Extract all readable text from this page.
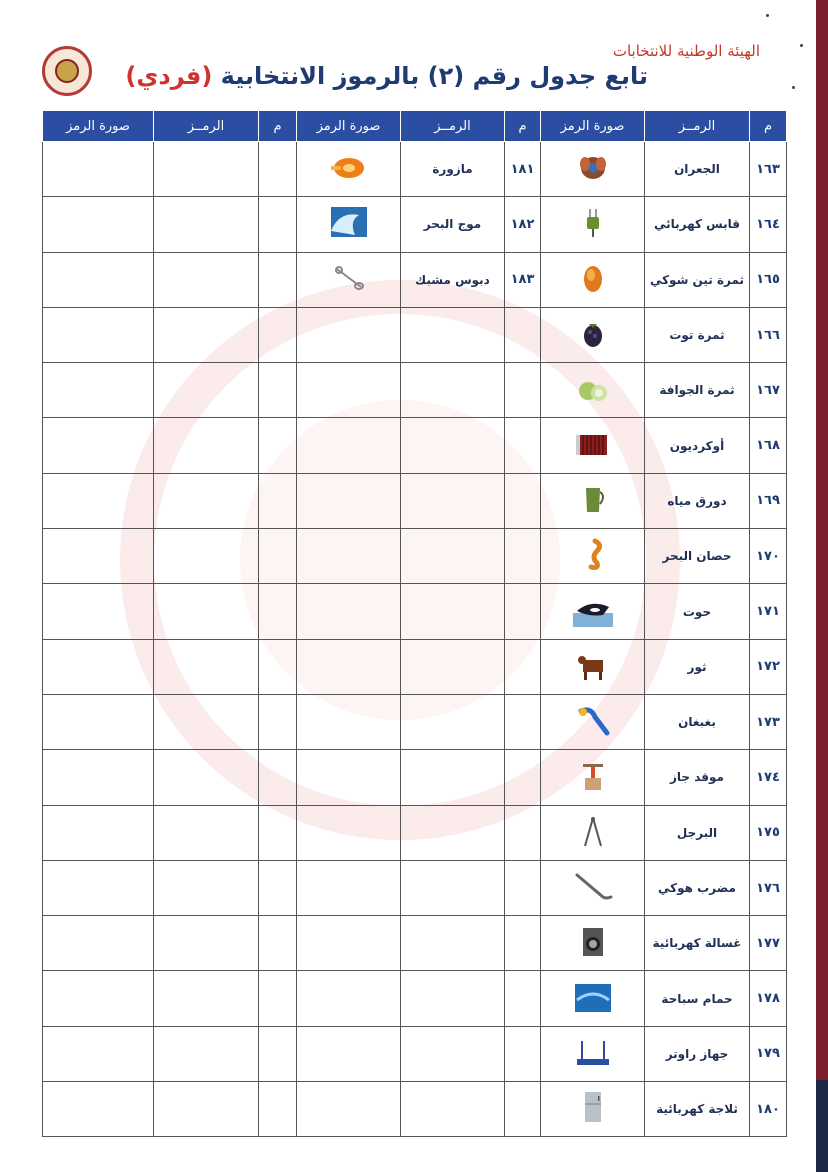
الهيئة الوطنية للانتخابات
تابع جدول رقم (٢) بالرموز الانتخابية (فردي)
م	الرمــز	صورة الرمز	م	الرمــز	صورة الرمز	م	الرمــز	صورة الرمز
١٦٣	الجعران		١٨١	مازورة	

١٦٤	قابس كهربائي		١٨٢	موج البحر	

١٦٥	ثمرة تين شوكي		١٨٣	دبوس مشبك	

١٦٦	ثمرة توت	

١٦٧	ثمرة الجوافة	

١٦٨	أوكرديون	

١٦٩	دورق مياه	

١٧٠	حصان البحر	

١٧١	حوت	

١٧٢	ثور	

١٧٣	بغبغان	

١٧٤	موقد جاز	

١٧٥	البرجل	

١٧٦	مضرب هوكي	

١٧٧	غسالة كهربائية	

١٧٨	حمام سباحة	

١٧٩	جهاز راوتر	

١٨٠	ثلاجة كهربائية	
